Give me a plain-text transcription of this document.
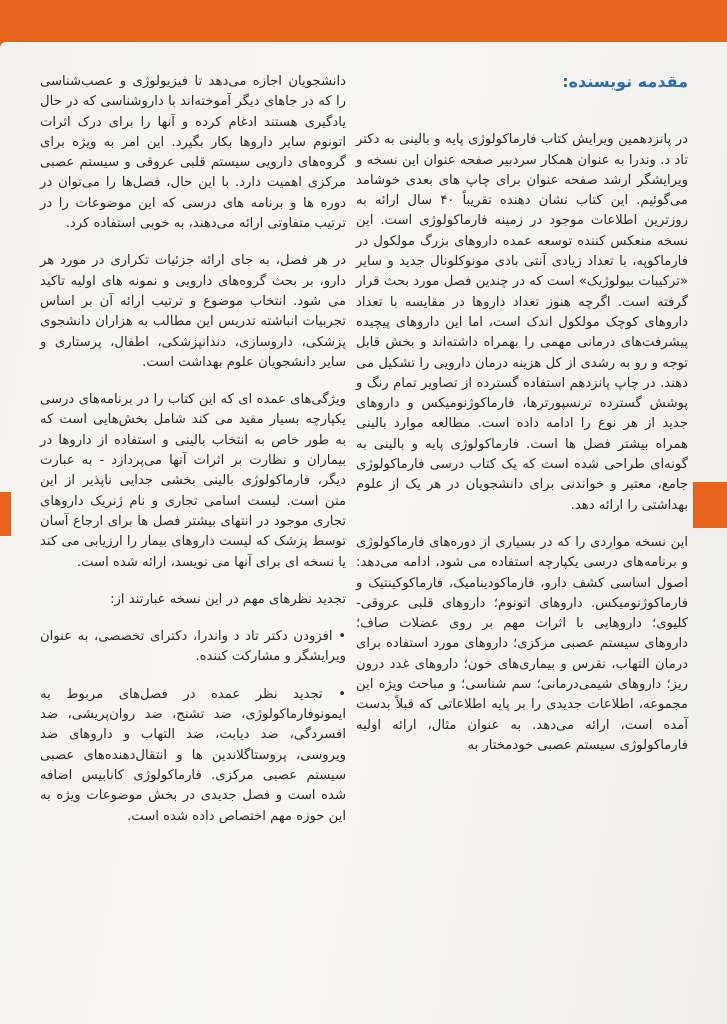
مقدمه نویسنده:

در پانزدهمین ویرایش کتاب فارماکولوژی پایه و بالینی به دکتر تاد د. وندرا به عنوان همکار سردبیر صفحه عنوان این نسخه و ویرایشگر ارشد صفحه عنوان برای چاپ های بعدی خوشامد می‌گوئیم. این کتاب نشان دهنده تقریباً ۴۰ سال ارائه به روزترین اطلاعات موجود در زمینه فارماکولوژی است. این نسخه منعکس کننده توسعه عمده داروهای بزرگ مولکول در فارماکوپه، با تعداد زیادی آنتی بادی مونوکلونال جدید و سایر «ترکیبات بیولوژیک» است که در چندین فصل مورد بحث قرار گرفته است. اگرچه هنوز تعداد داروها در مقایسه با تعداد داروهای کوچک مولکول اندک است، اما این داروهای پیچیده پیشرفت‌های درمانی مهمی را بهمراه داشته‌اند و بخش قابل توجه و رو به رشدی از کل هزینه درمان دارویی را تشکیل می دهند. در چاپ پانزدهم استفاده گسترده از تصاویر تمام رنگ و پوشش گسترده ترنسپورترها، فارماکوژنومیکس و داروهای جدید از هر نوع را ادامه داده است. مطالعه موارد بالینی همراه بیشتر فصل ها است. فارماکولوژی پایه و بالینی به گونه‌ای طراحی شده است که یک کتاب درسی فارماکولوژی جامع، معتبر و خواندنی برای دانشجویان در هر یک از علوم بهداشتی را ارائه دهد.

این نسخه مواردی را که در بسیاری از دوره‌های فارماکولوژی و برنامه‌های درسی یکپارچه استفاده می شود، ادامه می‌دهد: اصول اساسی کشف دارو، فارماکودینامیک، فارماکوکینتیک و فارماکوژنومیکس. داروهای اتونوم؛ داروهای قلبی عروقی-کلیوی؛ داروهایی با اثرات مهم بر روی عضلات صاف؛ داروهای سیستم عصبی مرکزی؛ داروهای مورد استفاده برای درمان التهاب، نقرس و بیماری‌های خون؛ داروهای غدد درون ریز؛ داروهای شیمی‌درمانی؛ سم شناسی؛ و مباحث ویژه این مجموعه، اطلاعات جدیدی را بر پایه اطلاعاتی که قبلاً بدست آمده است، ارائه می‌دهد. به عنوان مثال، ارائه اولیه فارماکولوژی سیستم عصبی خودمختار به

دانشجویان اجازه می‌دهد تا فیزیولوژی و عصب‌شناسی را که در جاهای دیگر آموخته‌اند با داروشناسی که در حال یادگیری هستند ادغام کرده و آنها را برای درک اثرات اتونوم سایر داروها بکار بگیرد. این امر به ویژه برای گروه‌های دارویی سیستم قلبی عروقی و سیستم عصبی مرکزی اهمیت دارد. با این حال، فصل‌ها را می‌توان در دوره ها و برنامه های درسی که این موضوعات را در ترتیب متفاوتی ارائه می‌دهند، به خوبی استفاده کرد.

در هر فصل، به جای ارائه جزئیات تکراری در مورد هر دارو، بر بحث گروه‌های دارویی و نمونه های اولیه تاکید می شود. انتخاب موضوع و ترتیب ارائه آن بر اساس تجربیات انباشته تدریس این مطالب به هزاران دانشجوی پزشکی، داروسازی، دندانپزشکی، اطفال، پرستاری و سایر دانشجویان علوم بهداشت است.

ویژگی‌های عمده ای که این کتاب را در برنامه‌های درسی یکپارچه بسیار مفید می کند شامل بخش‌هایی است که به طور خاص به انتخاب بالینی و استفاده از داروها در بیماران و نظارت بر اثرات آنها می‌پردازد - به عبارت دیگر، فارماکولوژی بالینی بخشی جدایی ناپذیر از این متن است. لیست اسامی تجاری و نام ژنریک داروهای تجاری موجود در انتهای بیشتر فصل ها برای ارجاع آسان توسط پزشک که لیست داروهای بیمار را ارزیابی می کند یا نسخه ای برای آنها می نویسد، ارائه شده است.

تجدید نظرهای مهم در این نسخه عبارتند از:

• افزودن دکتر تاد د واندرا، دکترای تخصصی، به عنوان ویرایشگر و مشارکت کننده.
• تجدید نظر عمده در فصل‌های مربوط به ایمونوفارماکولوژی، ضد تشنج، ضد روان‌پریشی، ضد افسردگی، ضد دیابت، ضد التهاب و داروهای ضد ویروسی، پروستاگلاندین ها و انتقال‌دهنده‌های عصبی سیستم عصبی مرکزی. فارماکولوژی کانابیس اضافه شده است و فصل جدیدی در بخش موضوعات ویژه به این حوزه مهم اختصاص داده شده است.
